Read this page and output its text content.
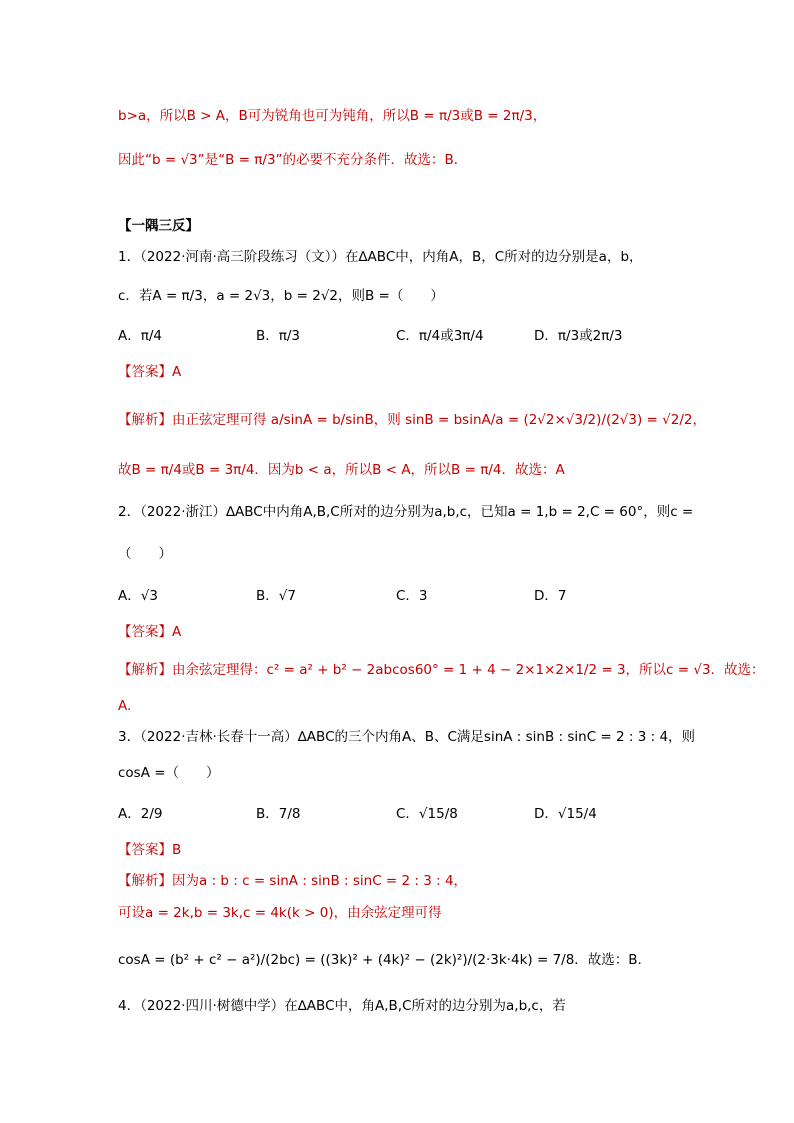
b>a，所以B > A，B可为锐角也可为钝角，所以B = π/3或B = 2π/3，
因此“b = √3”是“B = π/3”的必要不充分条件．故选：B．
【一隅三反】
1．（2022·河南·高三阶段练习（文））在∆ABC中，内角A，B，C所对的边分别是a，b，
c．若A = π/3，a = 2√3，b = 2√2，则B =（　　）
A．π/4	B．π/3	C．π/4或3π/4	D．π/3或2π/3
【答案】A
【解析】由正弦定理可得 a/sinA = b/sinB，则 sinB = bsinA/a = (2√2×√3/2)/(2√3) = √2/2，
故B = π/4或B = 3π/4．因为b < a，所以B < A，所以B = π/4．故选：A
2．（2022·浙江）∆ABC中内角A,B,C所对的边分别为a,b,c，已知a = 1,b = 2,C = 60°，则c =
（　　）
A．√3	B．√7	C．3	D．7
【答案】A
【解析】由余弦定理得：c² = a² + b² − 2abcos60° = 1 + 4 − 2×1×2×1/2 = 3，所以c = √3．故选：
A.
3．（2022·吉林·长春十一高）∆ABC的三个内角A、B、C满足sinA : sinB : sinC = 2 : 3 : 4，则
cosA =（　　）
A．2/9	B．7/8	C．√15/8	D．√15/4
【答案】B
【解析】因为a : b : c = sinA : sinB : sinC = 2 : 3 : 4，
可设a = 2k,b = 3k,c = 4k(k > 0)，由余弦定理可得
cosA = (b² + c² − a²)/(2bc) = ((3k)² + (4k)² − (2k)²)/(2·3k·4k) = 7/8．故选：B.
4．（2022·四川·树德中学）在∆ABC中，角A,B,C所对的边分别为a,b,c，若
